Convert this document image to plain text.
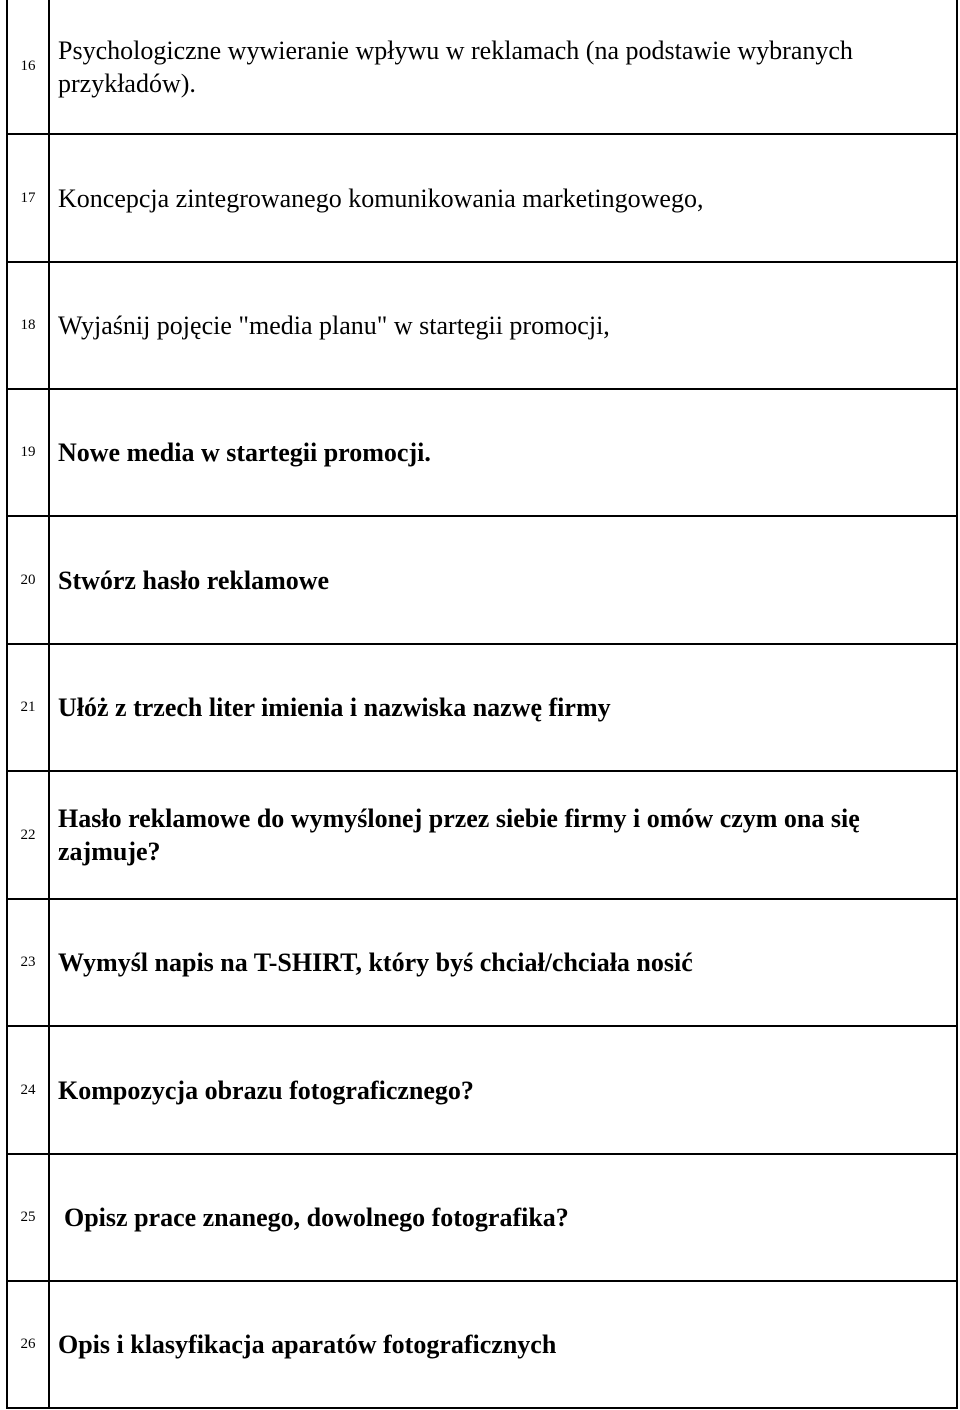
16	Psychologiczne wywieranie wpływu w reklamach (na podstawie wybranych przykładów).
17	Koncepcja zintegrowanego komunikowania marketingowego,
18	Wyjaśnij pojęcie "media planu" w startegii promocji,
19	Nowe media w startegii promocji.
20	Stwórz hasło reklamowe
21	Ułóż z trzech liter imienia i nazwiska nazwę firmy
22	Hasło reklamowe do wymyślonej przez siebie firmy i omów czym ona się zajmuje?
23	Wymyśl napis na T-SHIRT, który byś chciał/chciała nosić
24	Kompozycja obrazu fotograficznego?
25	Opisz prace znanego, dowolnego fotografika?
26	Opis i klasyfikacja aparatów fotograficznych
